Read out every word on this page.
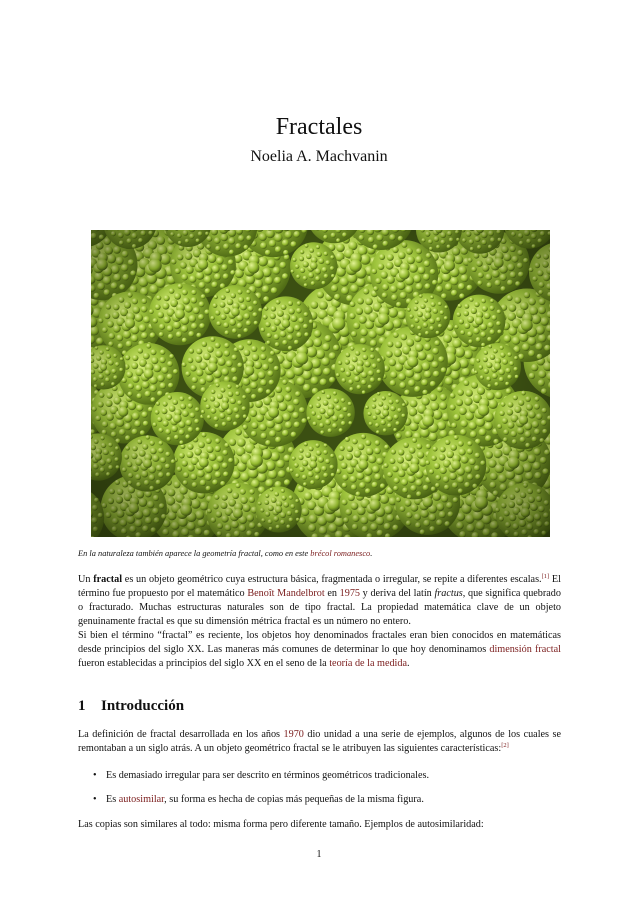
Fractales
Noelia A. Machvanin
En la naturaleza también aparece la geometría fractal, como en este brécol romanesco.

Un fractal es un objeto geométrico cuya estructura básica, fragmentada o irregular, se repite a diferentes escalas.[1] El término fue propuesto por el matemático Benoît Mandelbrot en 1975 y deriva del latín fractus, que significa quebrado o fracturado. Muchas estructuras naturales son de tipo fractal. La propiedad matemática clave de un objeto genuinamente fractal es que su dimensión métrica fractal es un número no entero.

Si bien el término “fractal” es reciente, los objetos hoy denominados fractales eran bien conocidos en matemáticas desde principios del siglo XX. Las maneras más comunes de determinar lo que hoy denominamos dimensión fractal fueron establecidas a principios del siglo XX en el seno de la teoría de la medida.

1 Introducción

La definición de fractal desarrollada en los años 1970 dio unidad a una serie de ejemplos, algunos de los cuales se remontaban a un siglo atrás. A un objeto geométrico fractal se le atribuyen las siguientes características:[2]

• Es demasiado irregular para ser descrito en términos geométricos tradicionales.
• Es autosimilar, su forma es hecha de copias más pequeñas de la misma figura.
Las copias son similares al todo: misma forma pero diferente tamaño. Ejemplos de autosimilaridad:
1
